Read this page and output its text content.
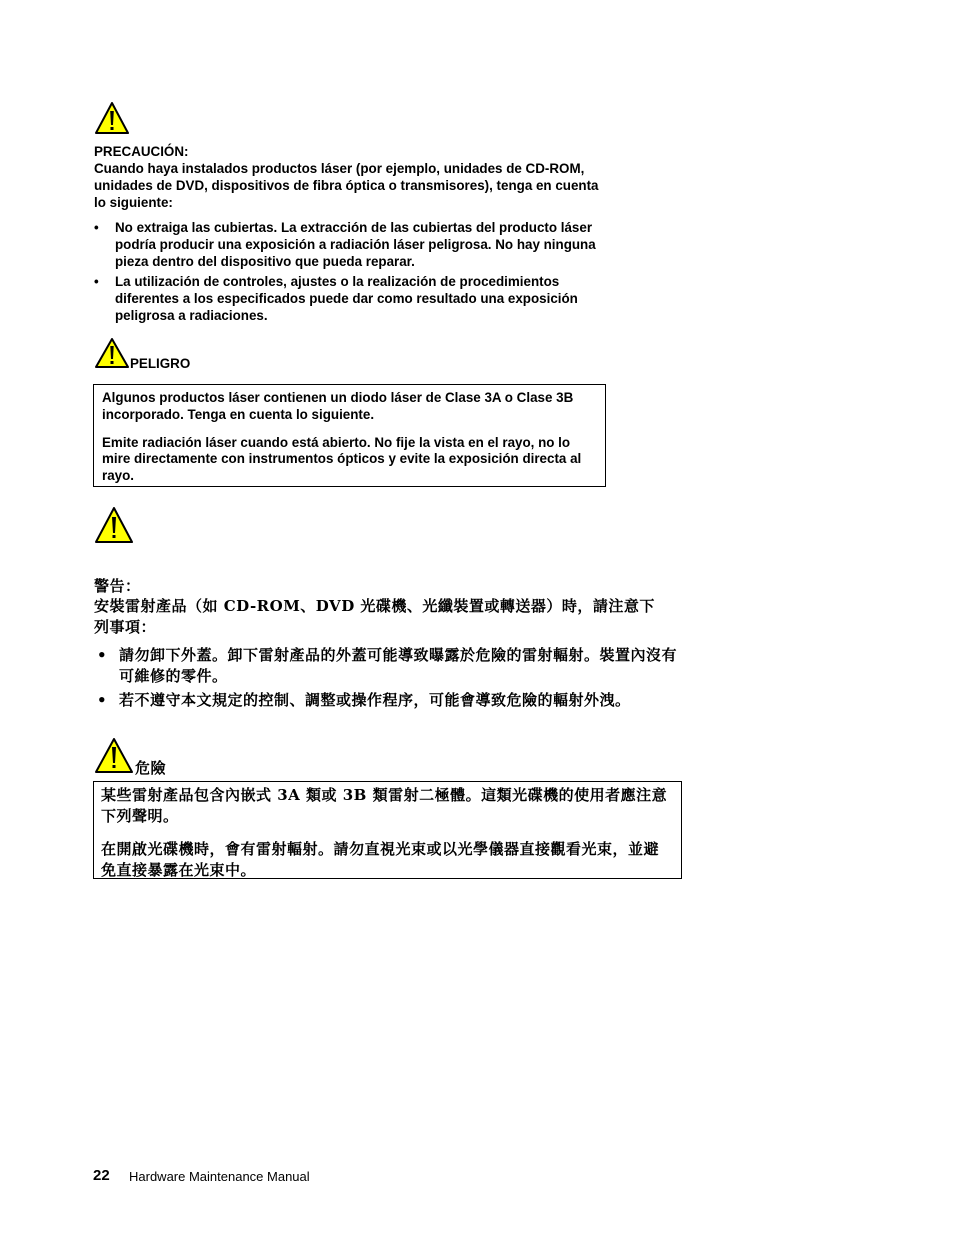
PRECAUCIÓN:
Cuando haya instalados productos láser (por ejemplo, unidades de CD-ROM, unidades de DVD, dispositivos de fibra óptica o transmisores), tenga en cuenta lo siguiente:
• No extraiga las cubiertas. La extracción de las cubiertas del producto láser podría producir una exposición a radiación láser peligrosa. No hay ninguna pieza dentro del dispositivo que pueda reparar.
• La utilización de controles, ajustes o la realización de procedimientos diferentes a los especificados puede dar como resultado una exposición peligrosa a radiaciones.
PELIGRO

Algunos productos láser contienen un diodo láser de Clase 3A o Clase 3B incorporado. Tenga en cuenta lo siguiente.

Emite radiación láser cuando está abierto. No fije la vista en el rayo, no lo mire directamente con instrumentos ópticos y evite la exposición directa al rayo.

警告：
安裝雷射產品（如 CD-ROM、DVD 光碟機、光纖裝置或轉送器）時，請注意下列事項：
• 請勿卸下外蓋。卸下雷射產品的外蓋可能導致曝露於危險的雷射輻射。裝置內沒有可維修的零件。
• 若不遵守本文規定的控制、調整或操作程序，可能會導致危險的輻射外洩。
危險

某些雷射產品包含內嵌式 3A 類或 3B 類雷射二極體。這類光碟機的使用者應注意下列聲明。

在開啟光碟機時，會有雷射輻射。請勿直視光束或以光學儀器直接觀看光束，並避免直接暴露在光束中。

22 Hardware Maintenance Manual
